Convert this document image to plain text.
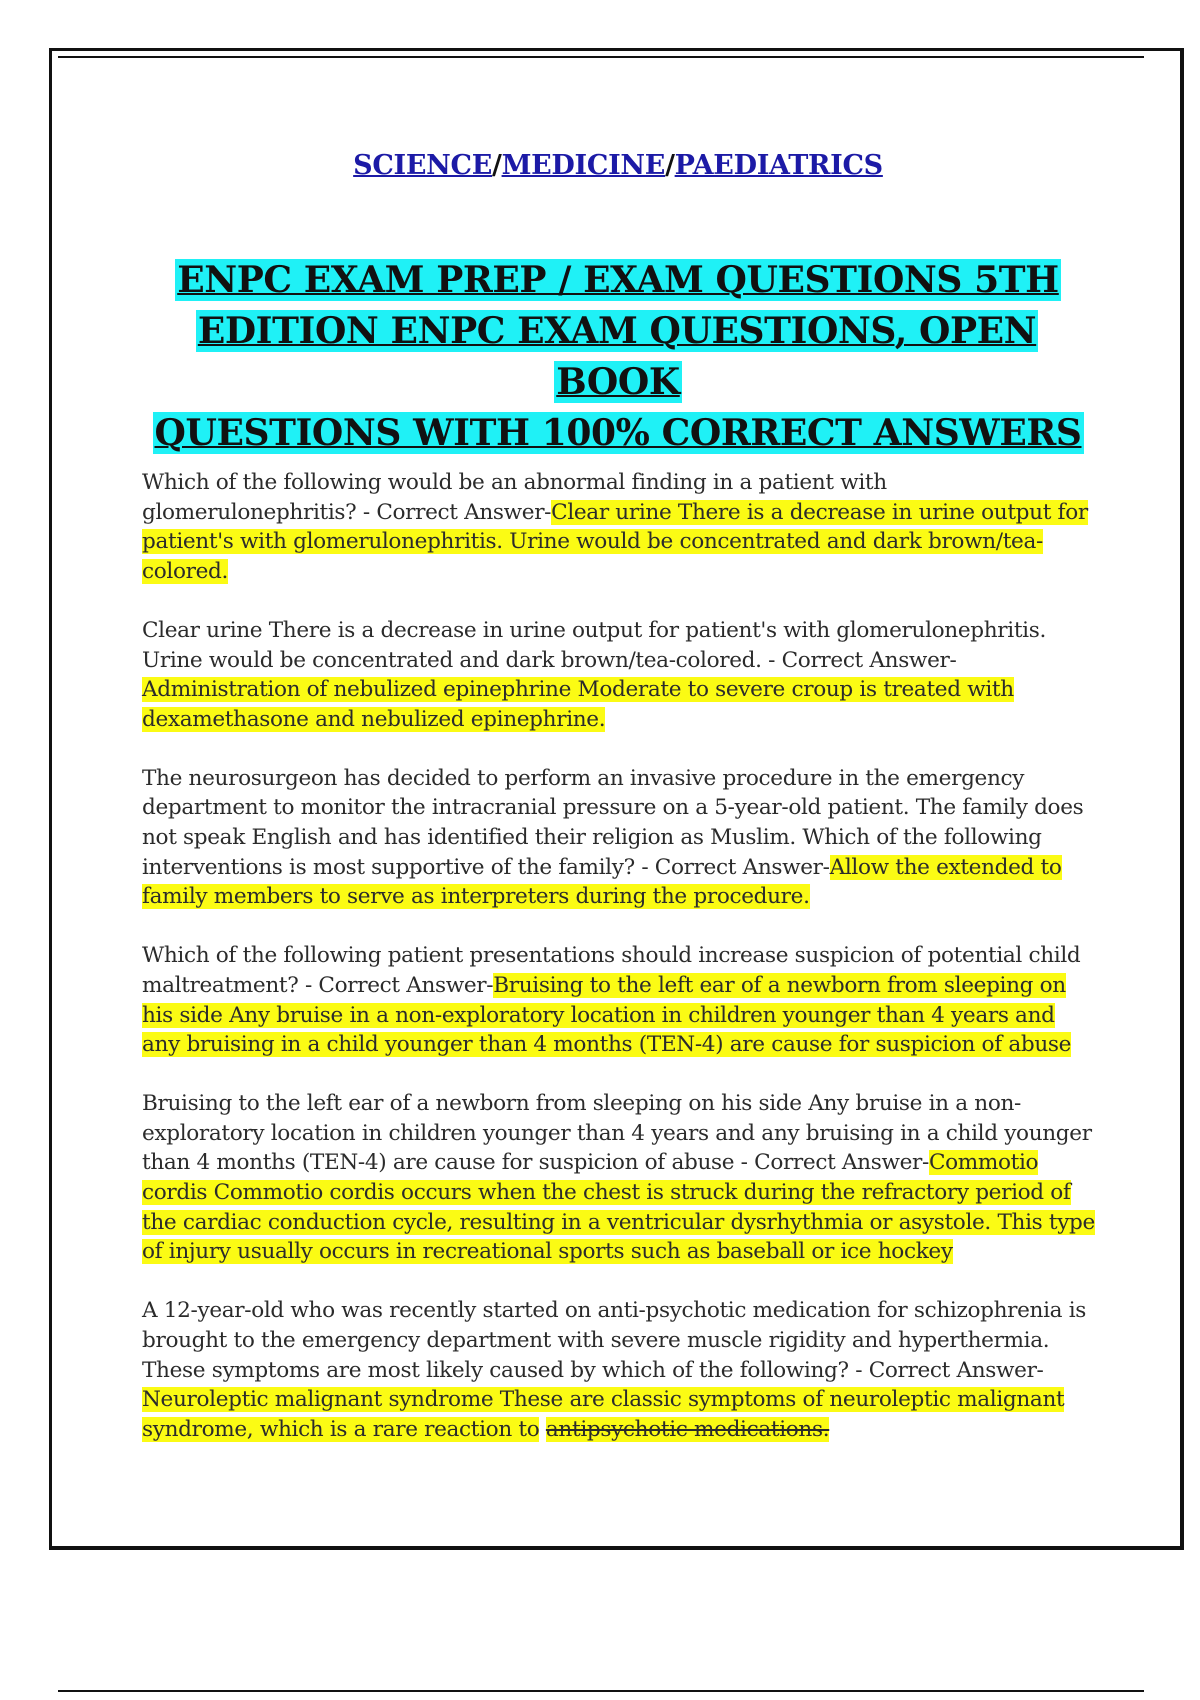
SCIENCE/MEDICINE/PAEDIATRICS
ENPC EXAM PREP / EXAM QUESTIONS 5TH
EDITION ENPC EXAM QUESTIONS, OPEN BOOK
QUESTIONS WITH 100% CORRECT ANSWERS

Which of the following would be an abnormal finding in a patient with glomerulonephritis? - Correct Answer-Clear urine There is a decrease in urine output for patient's with glomerulonephritis. Urine would be concentrated and dark brown/tea-colored.

Clear urine There is a decrease in urine output for patient's with glomerulonephritis. Urine would be concentrated and dark brown/tea-colored. - Correct Answer-Administration of nebulized epinephrine Moderate to severe croup is treated with dexamethasone and nebulized epinephrine.

The neurosurgeon has decided to perform an invasive procedure in the emergency department to monitor the intracranial pressure on a 5-year-old patient. The family does not speak English and has identified their religion as Muslim. Which of the following interventions is most supportive of the family? - Correct Answer-Allow the extended to family members to serve as interpreters during the procedure.

Which of the following patient presentations should increase suspicion of potential child maltreatment? - Correct Answer-Bruising to the left ear of a newborn from sleeping on his side Any bruise in a non-exploratory location in children younger than 4 years and any bruising in a child younger than 4 months (TEN-4) are cause for suspicion of abuse

Bruising to the left ear of a newborn from sleeping on his side Any bruise in a non-exploratory location in children younger than 4 years and any bruising in a child younger than 4 months (TEN-4) are cause for suspicion of abuse - Correct Answer-Commotio cordis Commotio cordis occurs when the chest is struck during the refractory period of the cardiac conduction cycle, resulting in a ventricular dysrhythmia or asystole. This type of injury usually occurs in recreational sports such as baseball or ice hockey

A 12-year-old who was recently started on anti-psychotic medication for schizophrenia is brought to the emergency department with severe muscle rigidity and hyperthermia. These symptoms are most likely caused by which of the following? - Correct Answer-Neuroleptic malignant syndrome These are classic symptoms of neuroleptic malignant syndrome, which is a rare reaction to antipsychotic medications.
